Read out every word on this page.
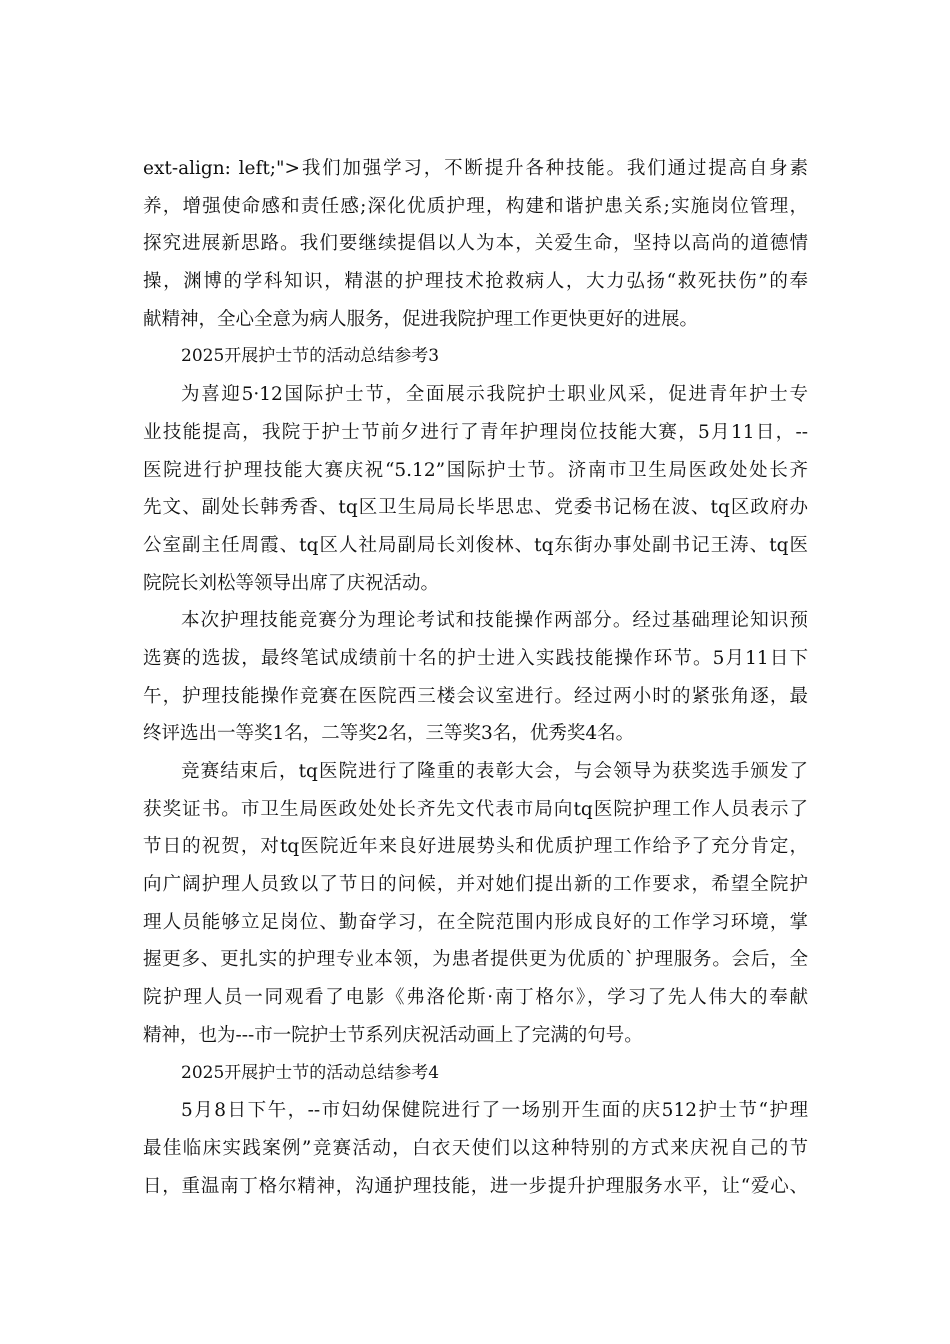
ext-align: left;">我们加强学习，不断提升各种技能。我们通过提高自身素
养，增强使命感和责任感;深化优质护理，构建和谐护患关系;实施岗位管理，
探究进展新思路。我们要继续提倡以人为本，关爱生命，坚持以高尚的道德情
操，渊博的学科知识，精湛的护理技术抢救病人，大力弘扬“救死扶伤”的奉
献精神，全心全意为病人服务，促进我院护理工作更快更好的进展。
2025开展护士节的活动总结参考3
为喜迎5·12国际护士节，全面展示我院护士职业风采，促进青年护士专
业技能提高，我院于护士节前夕进行了青年护理岗位技能大赛，5月11日，--
医院进行护理技能大赛庆祝“5.12”国际护士节。济南市卫生局医政处处长齐
先文、副处长韩秀香、tq区卫生局局长毕思忠、党委书记杨在波、tq区政府办
公室副主任周霞、tq区人社局副局长刘俊林、tq东街办事处副书记王涛、tq医
院院长刘松等领导出席了庆祝活动。
本次护理技能竞赛分为理论考试和技能操作两部分。经过基础理论知识预
选赛的选拔，最终笔试成绩前十名的护士进入实践技能操作环节。5月11日下
午，护理技能操作竞赛在医院西三楼会议室进行。经过两小时的紧张角逐，最
终评选出一等奖1名，二等奖2名，三等奖3名，优秀奖4名。
竞赛结束后，tq医院进行了隆重的表彰大会，与会领导为获奖选手颁发了
获奖证书。市卫生局医政处处长齐先文代表市局向tq医院护理工作人员表示了
节日的祝贺，对tq医院近年来良好进展势头和优质护理工作给予了充分肯定，
向广阔护理人员致以了节日的问候，并对她们提出新的工作要求，希望全院护
理人员能够立足岗位、勤奋学习，在全院范围内形成良好的工作学习环境，掌
握更多、更扎实的护理专业本领，为患者提供更为优质的`护理服务。会后，全
院护理人员一同观看了电影《弗洛伦斯·南丁格尔》，学习了先人伟大的奉献
精神，也为---市一院护士节系列庆祝活动画上了完满的句号。
2025开展护士节的活动总结参考4
5月8日下午，--市妇幼保健院进行了一场别开生面的庆512护士节“护理
最佳临床实践案例”竞赛活动，白衣天使们以这种特别的方式来庆祝自己的节
日，重温南丁格尔精神，沟通护理技能，进一步提升护理服务水平，让“爱心、
